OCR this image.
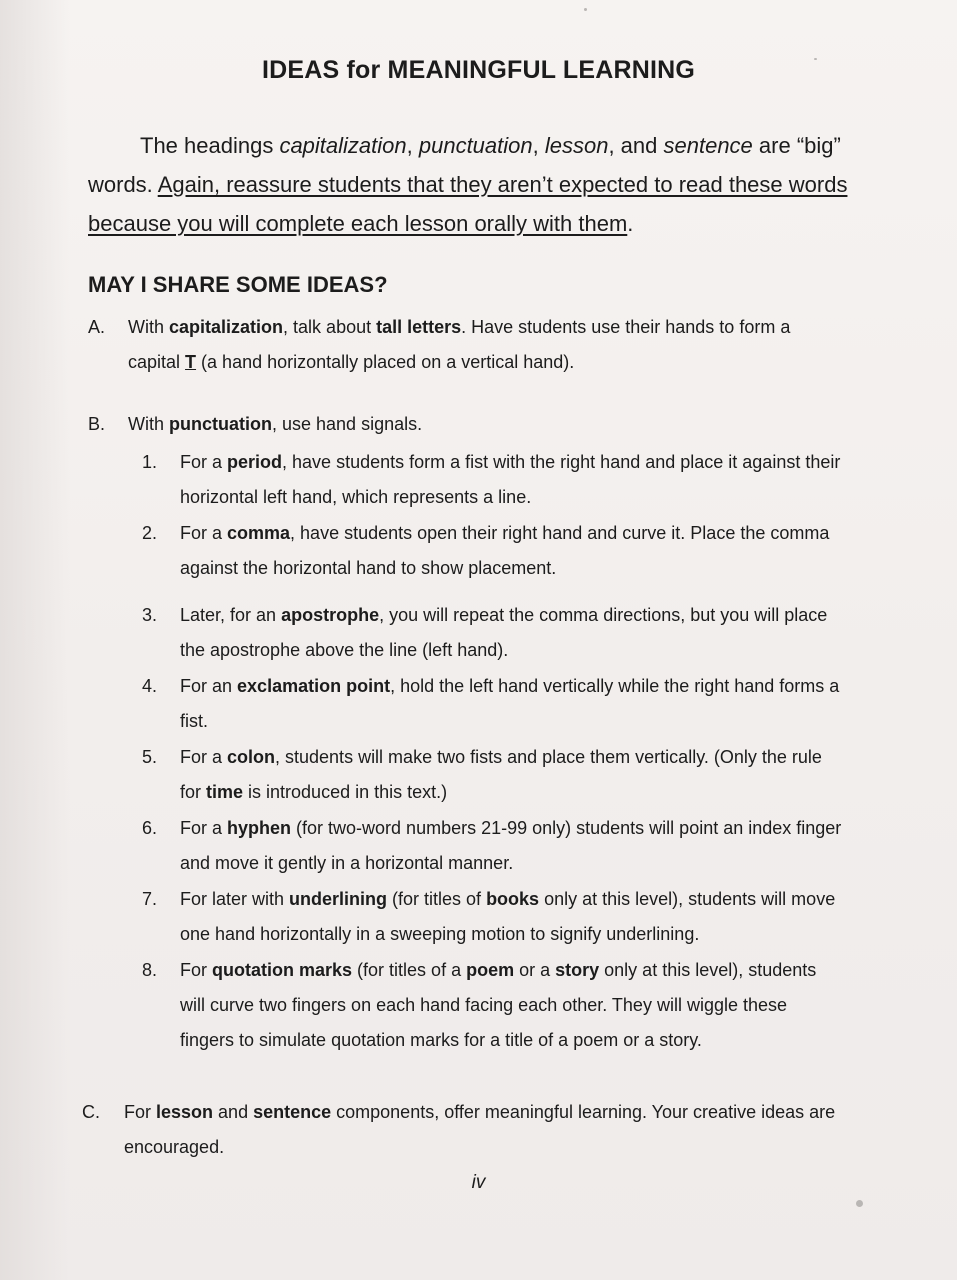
IDEAS for MEANINGFUL LEARNING

The headings capitalization, punctuation, lesson, and sentence are “big” words. Again, reassure students that they aren’t expected to read these words because you will complete each lesson orally with them.

MAY I SHARE SOME IDEAS?
A.	With capitalization, talk about tall letters. Have students use their hands to form a capital T (a hand horizontally placed on a vertical hand).
B.	With punctuation, use hand signals.
1.	For a period, have students form a fist with the right hand and place it against their horizontal left hand, which represents a line.
2.	For a comma, have students open their right hand and curve it. Place the comma against the horizontal hand to show placement.
3.	Later, for an apostrophe, you will repeat the comma directions, but you will place the apostrophe above the line (left hand).
4.	For an exclamation point, hold the left hand vertically while the right hand forms a fist.
5.	For a colon, students will make two fists and place them vertically. (Only the rule for time is introduced in this text.)
6.	For a hyphen (for two-word numbers 21-99 only) students will point an index finger and move it gently in a horizontal manner.
7.	For later with underlining (for titles of books only at this level), students will move one hand horizontally in a sweeping motion to signify underlining.
8.	For quotation marks (for titles of a poem or a story only at this level), students will curve two fingers on each hand facing each other. They will wiggle these fingers to simulate quotation marks for a title of a poem or a story.
C.	For lesson and sentence components, offer meaningful learning. Your creative ideas are encouraged.
iv
